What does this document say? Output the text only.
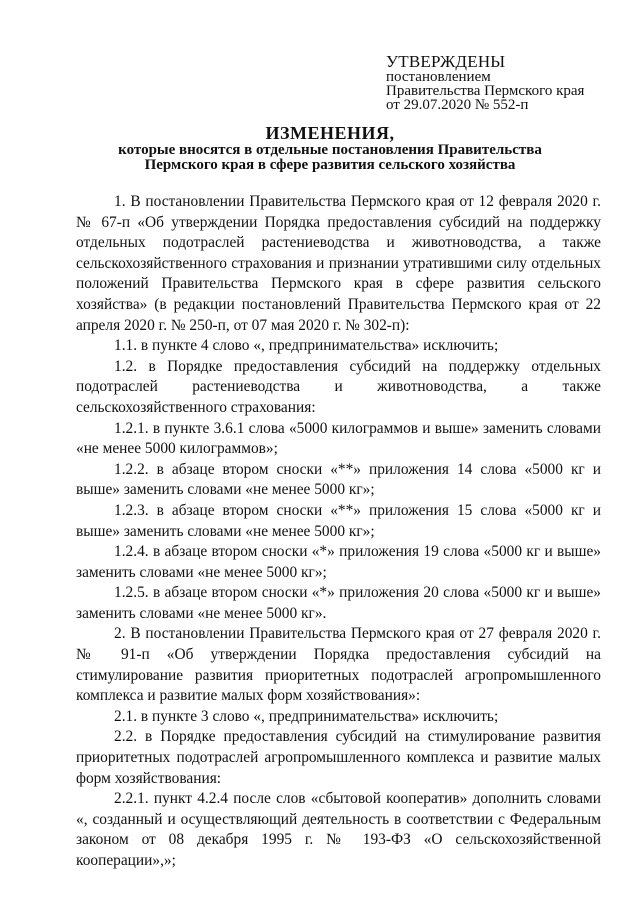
УТВЕРЖДЕНЫ
постановлением
Правительства Пермского края
от 29.07.2020 № 552-п
ИЗМЕНЕНИЯ,
которые вносятся в отдельные постановления Правительства
Пермского края в сфере развития сельского хозяйства

1. В постановлении Правительства Пермского края от 12 февраля 2020 г. № 67-п «Об утверждении Порядка предоставления субсидий на поддержку отдельных подотраслей растениеводства и животноводства, а также сельскохозяйственного страхования и признании утратившими силу отдельных положений Правительства Пермского края в сфере развития сельского хозяйства» (в редакции постановлений Правительства Пермского края от 22 апреля 2020 г. № 250-п, от 07 мая 2020 г. № 302-п):

1.1. в пункте 4 слово «, предпринимательства» исключить;

1.2. в Порядке предоставления субсидий на поддержку отдельных подотраслей растениеводства и животноводства, а также сельскохозяйственного страхования:

1.2.1. в пункте 3.6.1 слова «5000 килограммов и выше» заменить словами «не менее 5000 килограммов»;

1.2.2. в абзаце втором сноски «**» приложения 14 слова «5000 кг и выше» заменить словами «не менее 5000 кг»;

1.2.3. в абзаце втором сноски «**» приложения 15 слова «5000 кг и выше» заменить словами «не менее 5000 кг»;

1.2.4. в абзаце втором сноски «*» приложения 19 слова «5000 кг и выше» заменить словами «не менее 5000 кг»;

1.2.5. в абзаце втором сноски «*» приложения 20 слова «5000 кг и выше» заменить словами «не менее 5000 кг».

2. В постановлении Правительства Пермского края от 27 февраля 2020 г. № 91-п «Об утверждении Порядка предоставления субсидий на стимулирование развития приоритетных подотраслей агропромышленного комплекса и развитие малых форм хозяйствования»:

2.1. в пункте 3 слово «, предпринимательства» исключить;

2.2. в Порядке предоставления субсидий на стимулирование развития приоритетных подотраслей агропромышленного комплекса и развитие малых форм хозяйствования:

2.2.1. пункт 4.2.4 после слов «сбытовой кооператив» дополнить словами «, созданный и осуществляющий деятельность в соответствии с Федеральным законом от 08 декабря 1995 г. № 193-ФЗ «О сельскохозяйственной кооперации»,»;
